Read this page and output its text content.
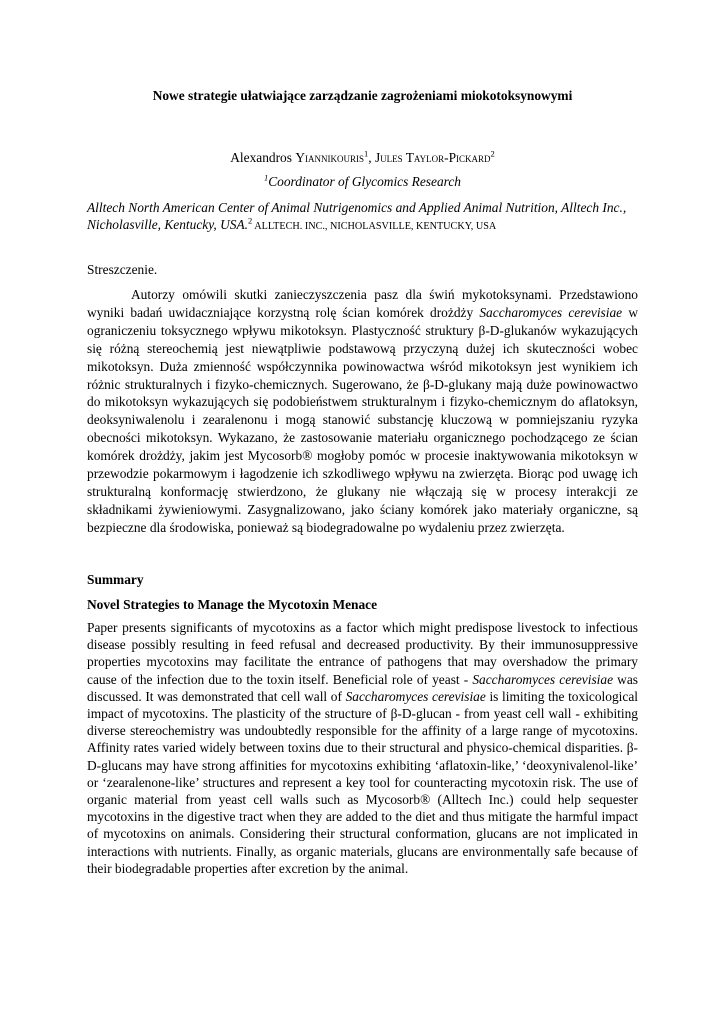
Nowe strategie ułatwiające zarządzanie zagrożeniami miokotoksynowymi
Alexandros Yiannikouris$^1$, Jules Taylor-Pickard$^2$
$^1$Coordinator of Glycomics Research
Alltech North American Center of Animal Nutrigenomics and Applied Animal Nutrition, Alltech Inc., Nicholasville, Kentucky, USA.$^2$ ALLTECH. INC., NICHOLASVILLE, KENTUCKY, USA
Streszczenie.

Autorzy omówili skutki zanieczyszczenia pasz dla świń mykotoksynami. Przedstawiono wyniki badań uwidaczniające korzystną rolę ścian komórek drożdży Saccharomyces cerevisiae w ograniczeniu toksycznego wpływu mikotoksyn. Plastyczność struktury β-D-glukanów wykazujących się różną stereochemią jest niewątpliwie podstawową przyczyną dużej ich skuteczności wobec mikotoksyn. Duża zmienność współczynnika powinowactwa wśród mikotoksyn jest wynikiem ich różnic strukturalnych i fizyko-chemicznych. Sugerowano, że β-D-glukany mają duże powinowactwo do mikotoksyn wykazujących się podobieństwem strukturalnym i fizyko-chemicznym do aflatoksyn, deoksyniwalenolu i zearalenonu i mogą stanowić substancję kluczową w pomniejszaniu ryzyka obecności mikotoksyn. Wykazano, że zastosowanie materiału organicznego pochodzącego ze ścian komórek drożdży, jakim jest Mycosorb® mogłoby pomóc w procesie inaktywowania mikotoksyn w przewodzie pokarmowym i łagodzenie ich szkodliwego wpływu na zwierzęta. Biorąc pod uwagę ich strukturalną konformację stwierdzono, że glukany nie włączają się w procesy interakcji ze składnikami żywieniowymi. Zasygnalizowano, jako ściany komórek jako materiały organiczne, są bezpieczne dla środowiska, ponieważ są biodegradowalne po wydaleniu przez zwierzęta.

Summary
Novel Strategies to Manage the Mycotoxin Menace

Paper presents significants of mycotoxins as a factor which might predispose livestock to infectious disease possibly resulting in feed refusal and decreased productivity. By their immunosuppressive properties mycotoxins may facilitate the entrance of pathogens that may overshadow the primary cause of the infection due to the toxin itself. Beneficial role of yeast - Saccharomyces cerevisiae was discussed. It was demonstrated that cell wall of Saccharomyces cerevisiae is limiting the toxicological impact of mycotoxins. The plasticity of the structure of β-D-glucan - from yeast cell wall - exhibiting diverse stereochemistry was undoubtedly responsible for the affinity of a large range of mycotoxins. Affinity rates varied widely between toxins due to their structural and physico-chemical disparities. β-D-glucans may have strong affinities for mycotoxins exhibiting ‘aflatoxin-like,’ ‘deoxynivalenol-like’ or ‘zearalenone-like’ structures and represent a key tool for counteracting mycotoxin risk. The use of organic material from yeast cell walls such as Mycosorb® (Alltech Inc.) could help sequester mycotoxins in the digestive tract when they are added to the diet and thus mitigate the harmful impact of mycotoxins on animals. Considering their structural conformation, glucans are not implicated in interactions with nutrients. Finally, as organic materials, glucans are environmentally safe because of their biodegradable properties after excretion by the animal.
